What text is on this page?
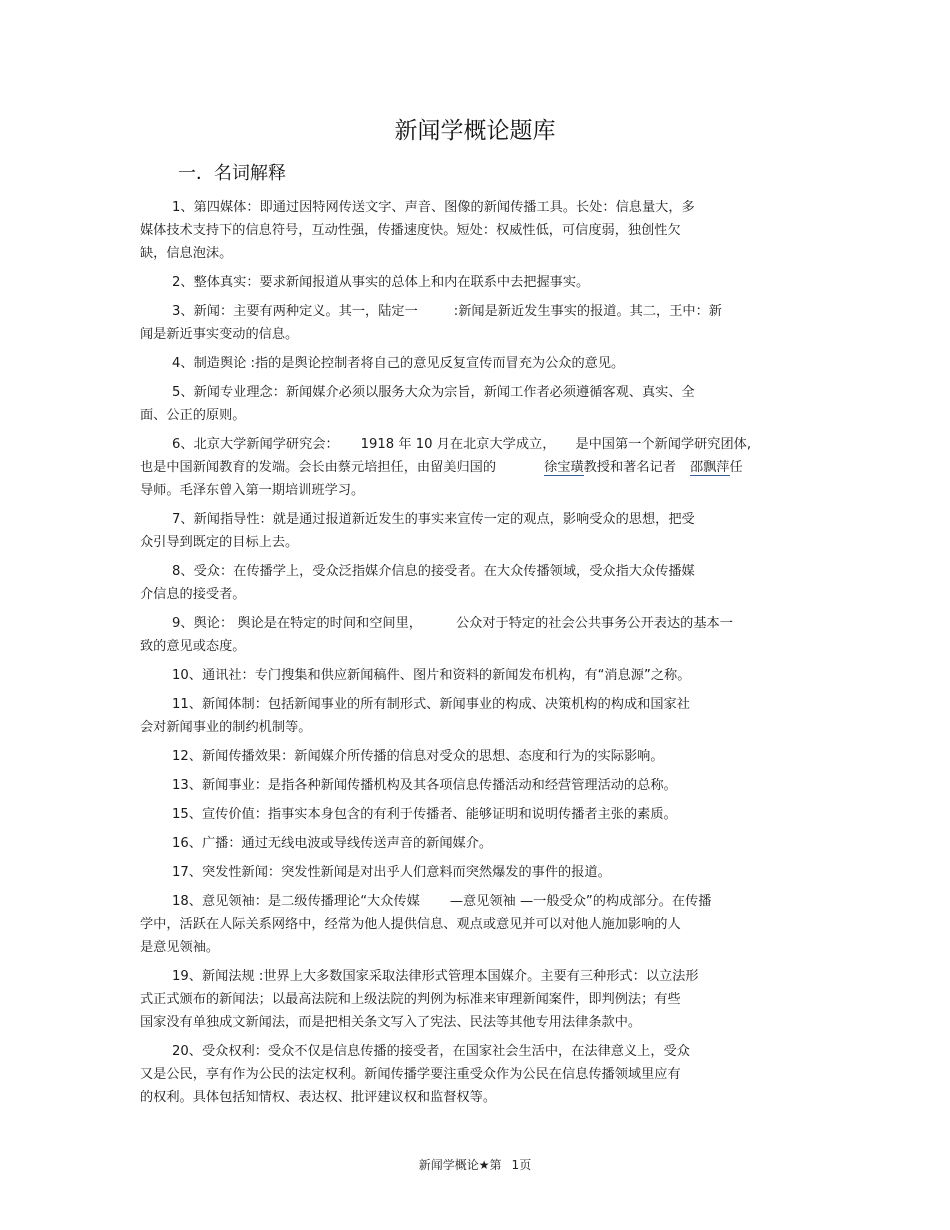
新闻学概论题库
一．名词解释
1、第四媒体：即通过因特网传送文字、声音、图像的新闻传播工具。长处：信息量大，多
媒体技术支持下的信息符号，互动性强，传播速度快。短处：权威性低，可信度弱，独创性欠
缺，信息泡沫。
2、整体真实：要求新闻报道从事实的总体上和内在联系中去把握事实。
3、新闻：主要有两种定义。其一，陆定一	:新闻是新近发生事实的报道。其二，王中：新
闻是新近事实变动的信息。
4、制造舆论 :指的是舆论控制者将自己的意见反复宣传而冒充为公众的意见。
5、新闻专业理念：新闻媒介必须以服务大众为宗旨，新闻工作者必须遵循客观、真实、全
面、公正的原则。
6、北京大学新闻学研究会： 1918 年 10 月在北京大学成立， 是中国第一个新闻学研究团体,
也是中国新闻教育的发端。会长由蔡元培担任，由留美归国的	徐宝璜教授和著名记者 邵飘萍任
导师。毛泽东曾入第一期培训班学习。
7、新闻指导性：就是通过报道新近发生的事实来宣传一定的观点，影响受众的思想，把受
众引导到既定的目标上去。
8、受众：在传播学上，受众泛指媒介信息的接受者。在大众传播领域，受众指大众传播媒
介信息的接受者。
9、舆论： 舆论是在特定的时间和空间里，	公众对于特定的社会公共事务公开表达的基本一
致的意见或态度。
10、通讯社：专门搜集和供应新闻稿件、图片和资料的新闻发布机构，有“消息源”之称。
11、新闻体制：包括新闻事业的所有制形式、新闻事业的构成、决策机构的构成和国家社
会对新闻事业的制约机制等。
12、新闻传播效果：新闻媒介所传播的信息对受众的思想、态度和行为的实际影响。
13、新闻事业：是指各种新闻传播机构及其各项信息传播活动和经营管理活动的总称。
15、宣传价值：指事实本身包含的有利于传播者、能够证明和说明传播者主张的素质。
16、广播：通过无线电波或导线传送声音的新闻媒介。
17、突发性新闻：突发性新闻是对出乎人们意料而突然爆发的事件的报道。
18、意见领袖：是二级传播理论“大众传媒 —意见领袖 —一般受众”的构成部分。在传播
学中，活跃在人际关系网络中，经常为他人提供信息、观点或意见并可以对他人施加影响的人
是意见领袖。
19、新闻法规 :世界上大多数国家采取法律形式管理本国媒介。主要有三种形式：以立法形
式正式颁布的新闻法；以最高法院和上级法院的判例为标准来审理新闻案件，即判例法；有些
国家没有单独成文新闻法，而是把相关条文写入了宪法、民法等其他专用法律条款中。
20、受众权利：受众不仅是信息传播的接受者，在国家社会生活中，在法律意义上，受众
又是公民，享有作为公民的法定权利。新闻传播学要注重受众作为公民在信息传播领域里应有
的权利。具体包括知情权、表达权、批评建议权和监督权等。
新闻学概论★第 1页
